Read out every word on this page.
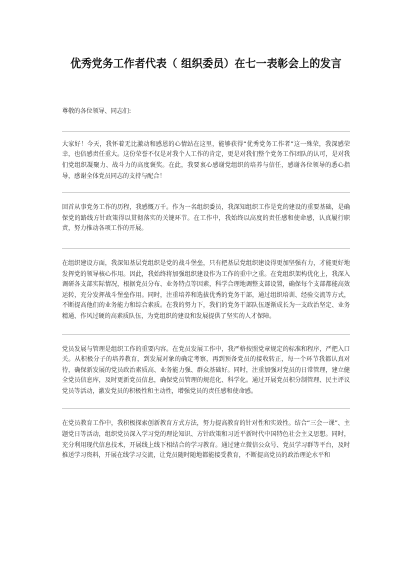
优秀党务工作者代表（ 组织委员）在七一表彰会上的发言

尊敬的各位领导、同志们:

大家好！今天，我怀着无比激动和感恩的心情站在这里，能够获得“优秀党务工作者”这一殊荣，我深感荣幸，也倍感责任重大。这份荣誉不仅是对我个人工作的肯定，更是对我们整个党务工作团队的认可，是对我们党组织凝聚力、战斗力的高度褒奖。在此，我要衷心感谢党组织的培养与信任，感谢各位领导的悉心指导，感谢全体党员同志的支持与配合！

回首从事党务工作的历程，我感慨万千。作为一名组织委员，我深知组织工作是党的建设的重要基础，是确保党的路线方针政策得以贯彻落实的关键环节。在工作中，我始终以高度的责任感和使命感，认真履行职责，努力推动各项工作的开展。

在组织建设方面，我深知基层党组织是党的战斗堡垒，只有把基层党组织建设得更加坚强有力，才能更好地发挥党的领导核心作用。因此，我始终将加强组织建设作为工作的重中之重。在党组织架构优化上，我深入调研各支部实际情况，根据党员分布、业务特点等因素，科学合理地调整支部设置，确保每个支部都能高效运转，充分发挥战斗堡垒作用。同时，注重培养和选拔优秀的党务干部，通过组织培训、经验交流等方式，不断提高他们的业务能力和综合素质。在我的努力下，我们的党务干部队伍逐渐成长为一支政治坚定、业务精通、作风过硬的高素质队伍，为党组织的建设和发展提供了坚实的人才保障。

党员发展与管理是组织工作的重要内容。在党员发展工作中，我严格按照党章规定的标准和程序，严把入口关。从积极分子的培养教育，到发展对象的确定考察，再到预备党员的接收转正，每一个环节我都认真对待，确保新发展的党员政治素质高、业务能力强、群众基础好。同时，注重加强对党员的日常管理，建立健全党员信息库，及时更新党员信息，确保党员管理的规范化、科学化。通过开展党员积分制管理、民主评议党员等活动，激发党员的积极性和主动性，增强党员的责任感和使命感。

在党员教育工作中，我积极探索创新教育方式方法，努力提高教育的针对性和实效性。结合“三会一课”、主题党日等活动，组织党员深入学习党的理论知识、方针政策和习近平新时代中国特色社会主义思想。同时，充分利用现代信息技术，开展线上线下相结合的学习教育。通过建立微信公众号、党员学习群等平台，及时推送学习资料，开展在线学习交流，让党员随时随地都能接受教育，不断提高党员的政治理论水平和
